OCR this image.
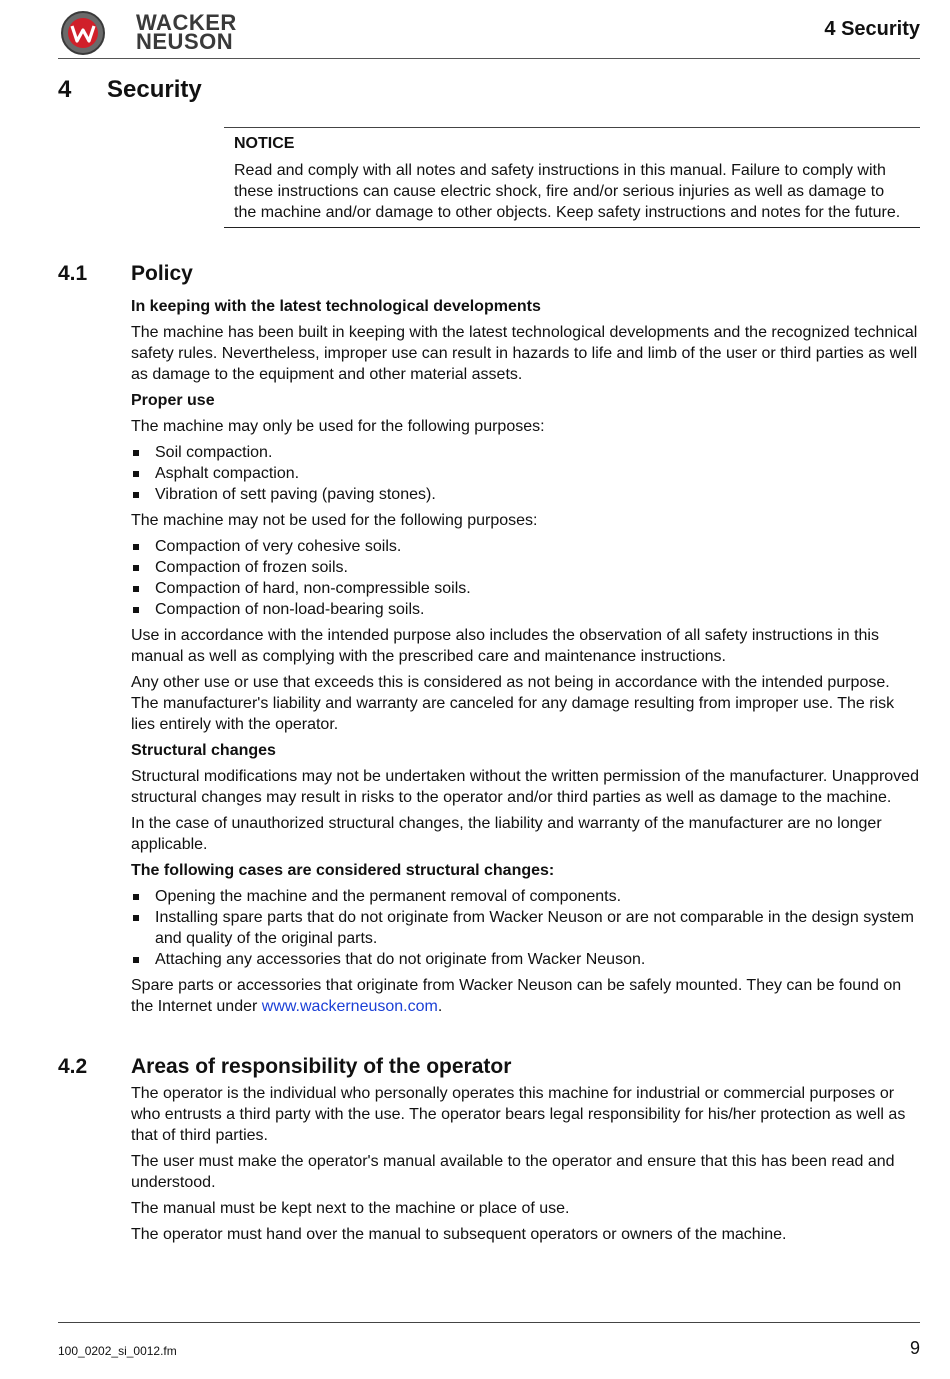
WACKER
NEUSON	4 Security
4 Security
NOTICE
Read and comply with all notes and safety instructions in this manual. Failure to comply with these instructions can cause electric shock, fire and/or serious injuries as well as damage to the machine and/or damage to other objects. Keep safety instructions and notes for the future.
4.1 Policy
In keeping with the latest technological developments
The machine has been built in keeping with the latest technological developments and the recognized technical safety rules. Nevertheless, improper use can result in hazards to life and limb of the user or third parties as well as damage to the equipment and other material assets.
Proper use
The machine may only be used for the following purposes:
Soil compaction.
Asphalt compaction.
Vibration of sett paving (paving stones).
The machine may not be used for the following purposes:
Compaction of very cohesive soils.
Compaction of frozen soils.
Compaction of hard, non-compressible soils.
Compaction of non-load-bearing soils.
Use in accordance with the intended purpose also includes the observation of all safety instructions in this manual as well as complying with the prescribed care and maintenance instructions.
Any other use or use that exceeds this is considered as not being in accordance with the intended purpose. The manufacturer's liability and warranty are canceled for any damage resulting from improper use. The risk lies entirely with the operator.
Structural changes
Structural modifications may not be undertaken without the written permission of the manufacturer. Unapproved structural changes may result in risks to the operator and/or third parties as well as damage to the machine.
In the case of unauthorized structural changes, the liability and warranty of the manufacturer are no longer applicable.
The following cases are considered structural changes:
Opening the machine and the permanent removal of components.
Installing spare parts that do not originate from Wacker Neuson or are not comparable in the design system and quality of the original parts.
Attaching any accessories that do not originate from Wacker Neuson.
Spare parts or accessories that originate from Wacker Neuson can be safely mounted. They can be found on the Internet under www.wackerneuson.com.
4.2 Areas of responsibility of the operator
The operator is the individual who personally operates this machine for industrial or commercial purposes or who entrusts a third party with the use. The operator bears legal responsibility for his/her protection as well as that of third parties.
The user must make the operator's manual available to the operator and ensure that this has been read and understood.
The manual must be kept next to the machine or place of use.
The operator must hand over the manual to subsequent operators or owners of the machine.
100_0202_si_0012.fm	9
